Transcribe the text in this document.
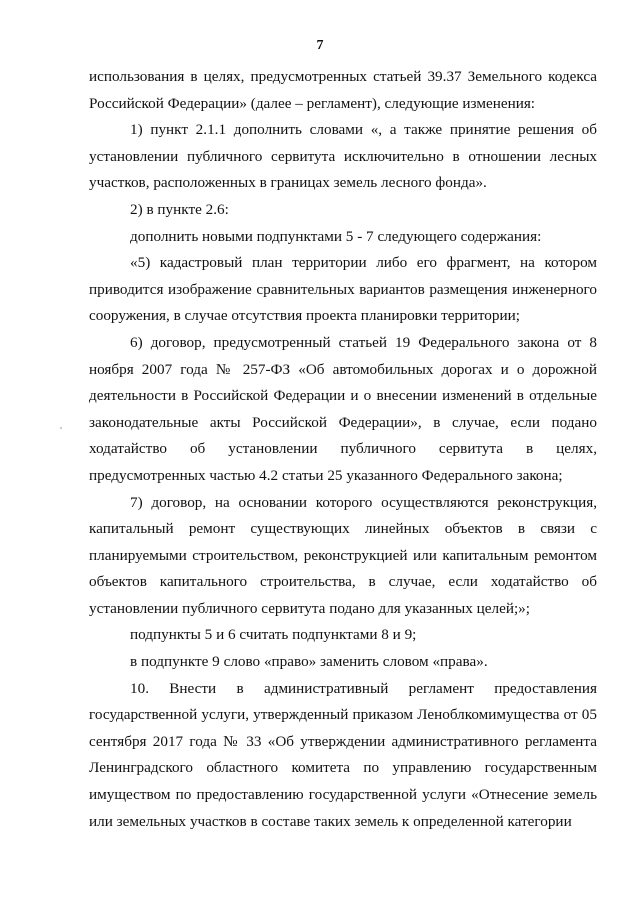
7

использования в целях, предусмотренных статьей 39.37 Земельного кодекса Российской Федерации» (далее – регламент), следующие изменения:

1) пункт 2.1.1 дополнить словами «, а также принятие решения об установлении публичного сервитута исключительно в отношении лесных участков, расположенных в границах земель лесного фонда».

2) в пункте 2.6:

дополнить новыми подпунктами 5 - 7 следующего содержания:

«5) кадастровый план территории либо его фрагмент, на котором приводится изображение сравнительных вариантов размещения инженерного сооружения, в случае отсутствия проекта планировки территории;

6) договор, предусмотренный статьей 19 Федерального закона от 8 ноября 2007 года № 257-ФЗ «Об автомобильных дорогах и о дорожной деятельности в Российской Федерации и о внесении изменений в отдельные законодательные акты Российской Федерации», в случае, если подано ходатайство об установлении публичного сервитута в целях, предусмотренных частью 4.2 статьи 25 указанного Федерального закона;

7) договор, на основании которого осуществляются реконструкция, капитальный ремонт существующих линейных объектов в связи с планируемыми строительством, реконструкцией или капитальным ремонтом объектов капитального строительства, в случае, если ходатайство об установлении публичного сервитута подано для указанных целей;»;

подпункты 5 и 6 считать подпунктами 8 и 9;

в подпункте 9 слово «право» заменить словом «права».

10. Внести в административный регламент предоставления государственной услуги, утвержденный приказом Леноблкомимущества от 05 сентября 2017 года № 33 «Об утверждении административного регламента Ленинградского областного комитета по управлению государственным имуществом по предоставлению государственной услуги «Отнесение земель или земельных участков в составе таких земель к определенной категории
